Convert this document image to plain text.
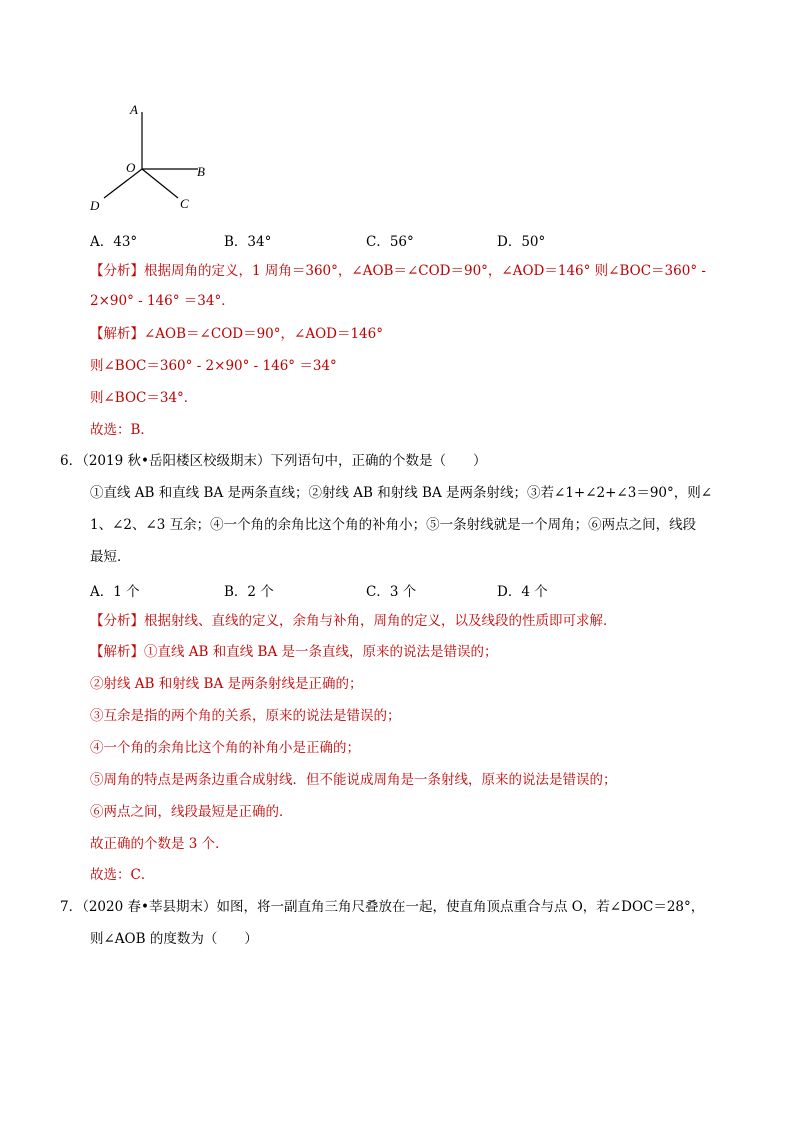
A
O	B
C
D
A．43°	B．34°	C．56°	D．50°
【分析】根据周角的定义，1 周角＝360°，∠AOB＝∠COD＝90°，∠AOD＝146° 则∠BOC＝360° -
2×90° - 146° ＝34°．
【解析】∠AOB＝∠COD＝90°，∠AOD＝146°
则∠BOC＝360° - 2×90° - 146° ＝34°
则∠BOC＝34°．
故选：B．
6．（2019 秋•岳阳楼区校级期末）下列语句中，正确的个数是（　　）
①直线 AB 和直线 BA 是两条直线；②射线 AB 和射线 BA 是两条射线；③若∠1+∠2+∠3＝90°，则∠
1、∠2、∠3 互余；④一个角的余角比这个角的补角小；⑤一条射线就是一个周角；⑥两点之间，线段
最短．
A．1 个	B．2 个	C．3 个	D．4 个
【分析】根据射线、直线的定义，余角与补角，周角的定义，以及线段的性质即可求解．
【解析】①直线 AB 和直线 BA 是一条直线，原来的说法是错误的；
②射线 AB 和射线 BA 是两条射线是正确的；
③互余是指的两个角的关系，原来的说法是错误的；
④一个角的余角比这个角的补角小是正确的；
⑤周角的特点是两条边重合成射线．但不能说成周角是一条射线，原来的说法是错误的；
⑥两点之间，线段最短是正确的．
故正确的个数是 3 个．
故选：C．
7．（2020 春•莘县期末）如图，将一副直角三角尺叠放在一起，使直角顶点重合与点 O，若∠DOC＝28°，
则∠AOB 的度数为（　　）
